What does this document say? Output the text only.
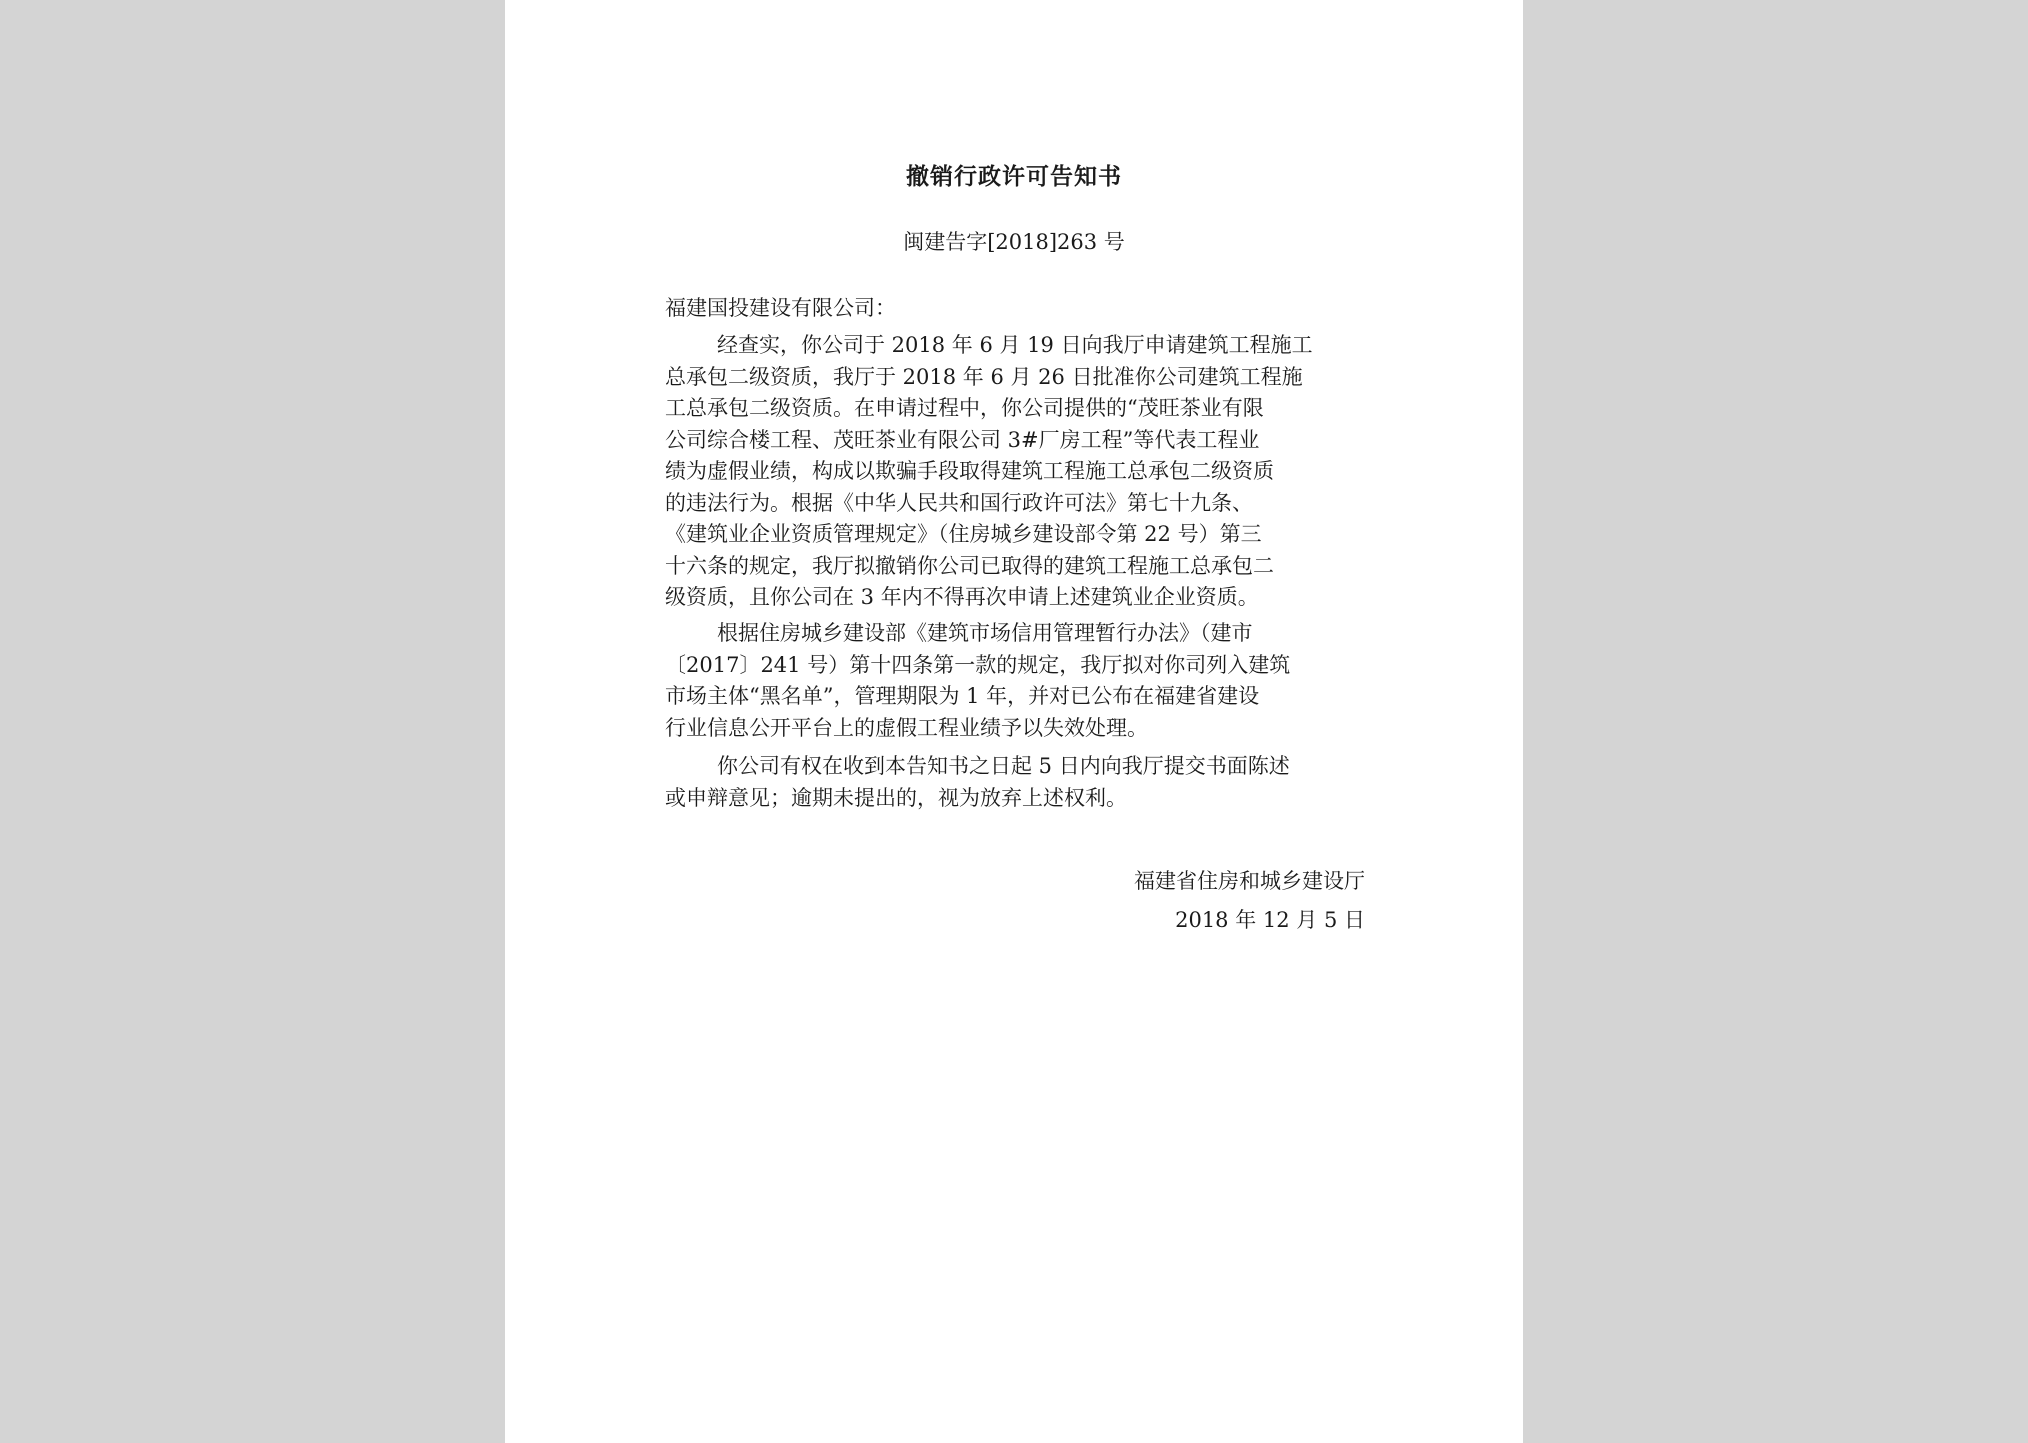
撤销行政许可告知书
闽建告字[2018]263 号
福建国投建设有限公司：
经查实，你公司于 2018 年 6 月 19 日向我厅申请建筑工程施工
总承包二级资质，我厅于 2018 年 6 月 26 日批准你公司建筑工程施
工总承包二级资质。在申请过程中，你公司提供的“茂旺茶业有限
公司综合楼工程、茂旺茶业有限公司 3#厂房工程”等代表工程业
绩为虚假业绩，构成以欺骗手段取得建筑工程施工总承包二级资质
的违法行为。根据《中华人民共和国行政许可法》第七十九条、
《建筑业企业资质管理规定》（住房城乡建设部令第 22 号）第三
十六条的规定，我厅拟撤销你公司已取得的建筑工程施工总承包二
级资质，且你公司在 3 年内不得再次申请上述建筑业企业资质。
根据住房城乡建设部《建筑市场信用管理暂行办法》（建市
〔2017〕241 号）第十四条第一款的规定，我厅拟对你司列入建筑
市场主体“黑名单”，管理期限为 1 年，并对已公布在福建省建设
行业信息公开平台上的虚假工程业绩予以失效处理。
你公司有权在收到本告知书之日起 5 日内向我厅提交书面陈述
或申辩意见；逾期未提出的，视为放弃上述权利。
福建省住房和城乡建设厅
2018 年 12 月 5 日
